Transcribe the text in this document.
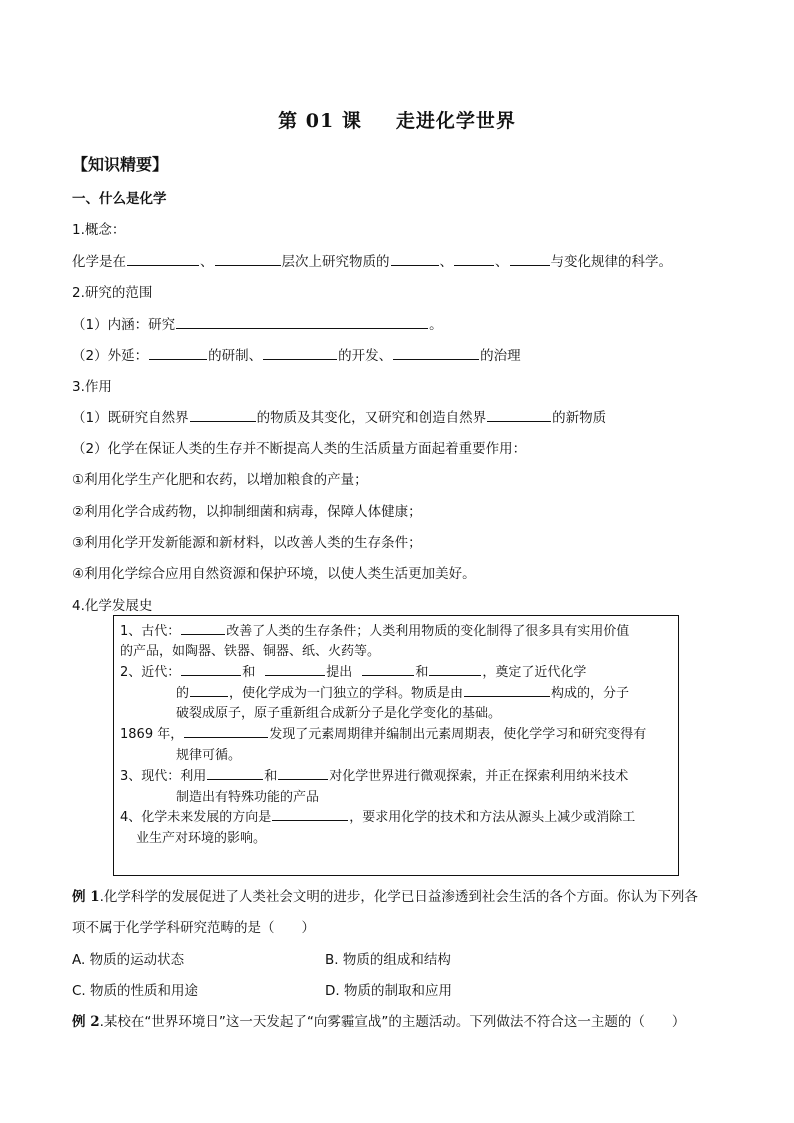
第 01 课 走进化学世界
【知识精要】
一、什么是化学
1.概念：
化学是在	、	层次上研究物质的	、	、	与变化规律的科学。
2.研究的范围
（1）内涵：研究	。
（2）外延：	的研制、	的开发、	的治理
3.作用
（1）既研究自然界	的物质及其变化，又研究和创造自然界	的新物质
（2）化学在保证人类的生存并不断提高人类的生活质量方面起着重要作用：
①利用化学生产化肥和农药，以增加粮食的产量；
②利用化学合成药物，以抑制细菌和病毒，保障人体健康；
③利用化学开发新能源和新材料，以改善人类的生存条件；
④利用化学综合应用自然资源和保护环境，以使人类生活更加美好。
4.化学发展史
1、古代：	改善了人类的生存条件；人类利用物质的变化制得了很多具有实用价值
的产品，如陶器、铁器、铜器、纸、火药等。
2、近代：	和	提出	和	，奠定了近代化学
的	，使化学成为一门独立的学科。物质是由	构成的，分子
破裂成原子，原子重新组合成新分子是化学变化的基础。
1869 年，	发现了元素周期律并编制出元素周期表，使化学学习和研究变得有
规律可循。
3、现代：利用	和	对化学世界进行微观探索，并正在探索利用纳米技术
制造出有特殊功能的产品
4、化学未来发展的方向是	，要求用化学的技术和方法从源头上减少或消除工
业生产对环境的影响。
例 1.化学科学的发展促进了人类社会文明的进步，化学已日益渗透到社会生活的各个方面。你认为下列各
项不属于化学学科研究范畴的是（　　）
A. 物质的运动状态	B. 物质的组成和结构
C. 物质的性质和用途	D. 物质的制取和应用
例 2.某校在“世界环境日”这一天发起了“向雾霾宣战”的主题活动。下列做法不符合这一主题的（　　）
